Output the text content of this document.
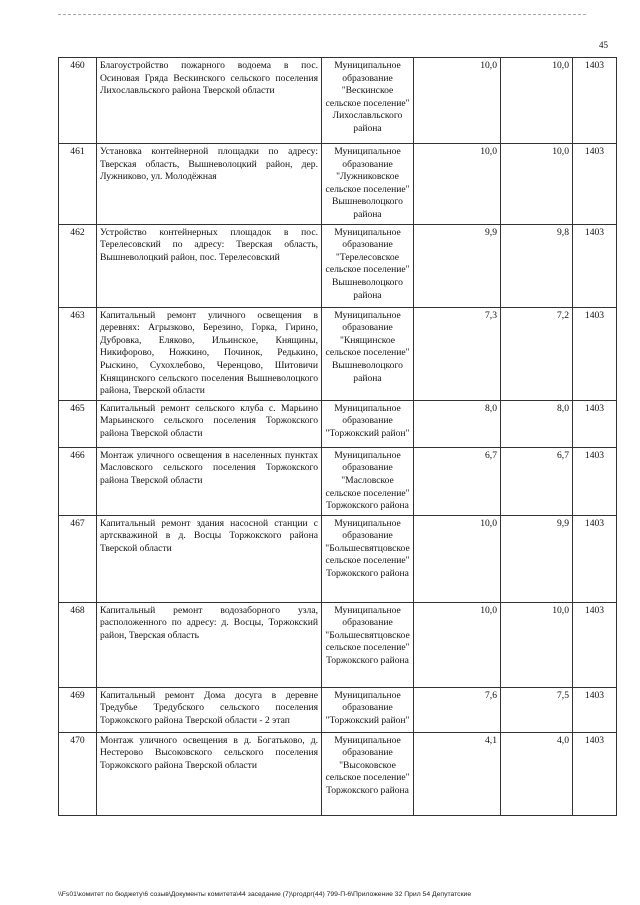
45
460	Благоустройство пожарного водоема в пос. Осиновая Гряда Вескинского сельского поселения Лихославльского района Тверской области	Муниципальное образование "Вескинское сельское поселение" Лихославльского района	10,0	10,0	1403
461	Установка контейнерной площадки по адресу: Тверская область, Вышневолоцкий район, дер. Лужниково, ул. Молодёжная	Муниципальное образование "Лужниковское сельское поселение" Вышневолоцкого района	10,0	10,0	1403
462	Устройство контейнерных площадок в пос. Терелесовский по адресу: Тверская область, Вышневолоцкий район, пос. Терелесовский	Муниципальное образование "Терелесовское сельское поселение" Вышневолоцкого района	9,9	9,8	1403
463	Капитальный ремонт уличного освещения в деревнях: Агрызково, Березино, Горка, Гирино, Дубровка, Еляково, Ильинское, Княщины, Никифорово, Ножкино, Починок, Редькино, Рыскино, Сухохлебово, Черенцово, Шитовичи Княщинского сельского поселения Вышневолоцкого района, Тверской области	Муниципальное образование "Княщинское сельское поселение" Вышневолоцкого района	7,3	7,2	1403
465	Капитальный ремонт сельского клуба с. Марьино Марьинского сельского поселения Торжокского района Тверской области	Муниципальное образование "Торжокский район"	8,0	8,0	1403
466	Монтаж уличного освещения в населенных пунктах Масловского сельского поселения Торжокского района Тверской области	Муниципальное образование "Масловское сельское поселение" Торжокского района	6,7	6,7	1403
467	Капитальный ремонт здания насосной станции с артскважиной в д. Восцы Торжокского района Тверской области	Муниципальное образование "Большесвятцовское сельское поселение" Торжокского района	10,0	9,9	1403
468	Капитальный ремонт водозаборного узла, расположенного по адресу: д. Восцы, Торжокский район, Тверская область	Муниципальное образование "Большесвятцовское сельское поселение" Торжокского района	10,0	10,0	1403
469	Капитальный ремонт Дома досуга в деревне Тредубье Тредубского сельского поселения Торжокского района Тверской области - 2 этап	Муниципальное образование "Торжокский район"	7,6	7,5	1403
470	Монтаж уличного освещения в д. Богатьково, д. Нестерово Высоковского сельского поселения Торжокского района Тверской области	Муниципальное образование "Высоковское сельское поселение" Торжокского района	4,1	4,0	1403
\\Fs01\комитет по бюджету\6 созыв\Документы комитета\44 заседание (7)\proдpr(44) 799-П-6\Приложение 32 Прил 54 Депутатские
